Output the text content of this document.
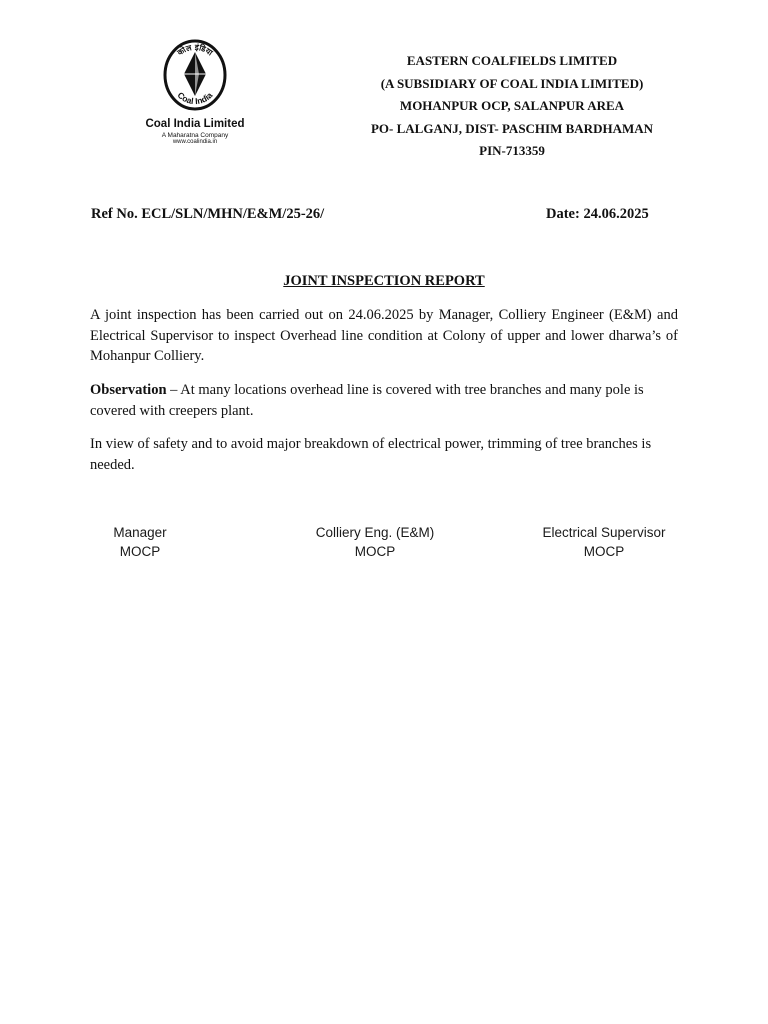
कोल इंडिया
Coal India
Coal India Limited
A Maharatna Company
www.coalindia.in
EASTERN COALFIELDS LIMITED
(A SUBSIDIARY OF COAL INDIA LIMITED)
MOHANPUR OCP, SALANPUR AREA
PO- LALGANJ, DIST- PASCHIM BARDHAMAN
PIN-713359
Ref No. ECL/SLN/MHN/E&M/25-26/	Date: 24.06.2025
JOINT INSPECTION REPORT
A joint inspection has been carried out on 24.06.2025 by Manager, Colliery Engineer (E&M) and Electrical Supervisor to inspect Overhead line condition at Colony of upper and lower dharwa’s of Mohanpur Colliery.
Observation – At many locations overhead line is covered with tree branches and many pole is covered with creepers plant.
In view of safety and to avoid major breakdown of electrical power, trimming of tree branches is needed.
Manager
MOCP
Colliery Eng. (E&M)
MOCP
Electrical Supervisor
MOCP
